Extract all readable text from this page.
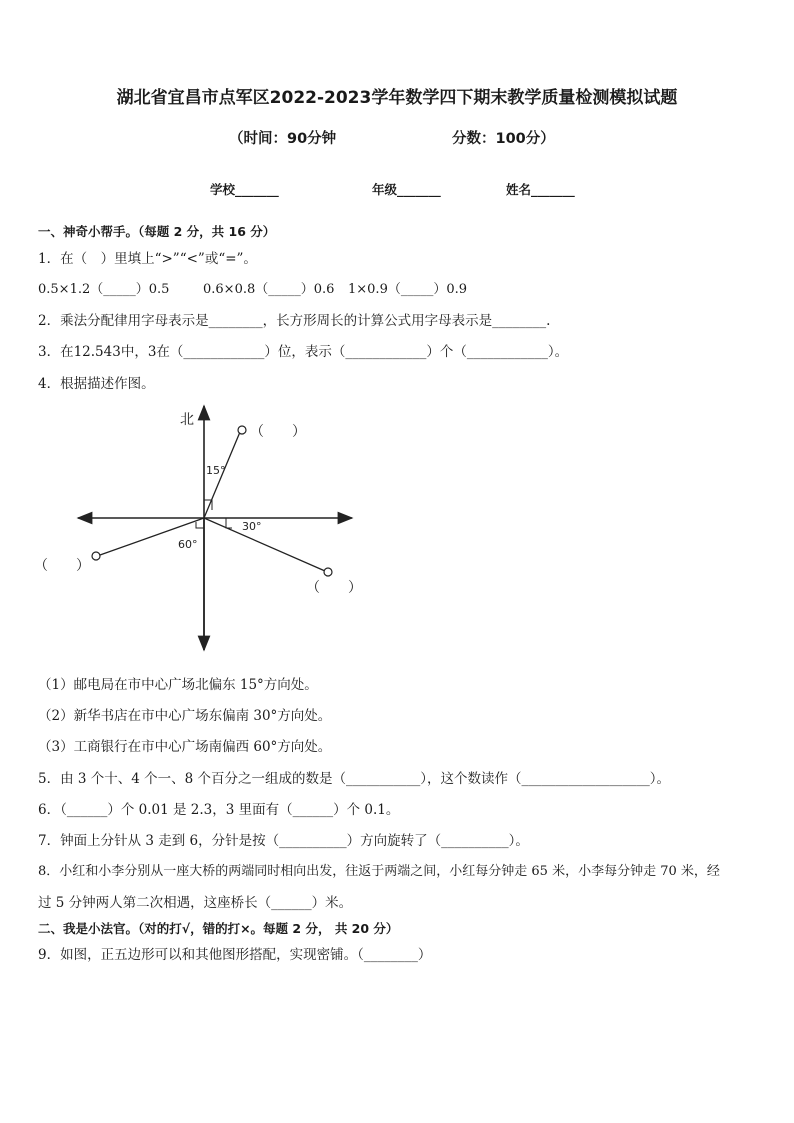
湖北省宜昌市点军区2022-2023学年数学四下期末教学质量检测模拟试题
（时间：90分钟	分数：100分）
学校_______	年级_______	姓名_______
一、神奇小帮手。（每题 2 分，共 16 分）
1．在（　）里填上“>”“<”或“=”。
0.5×1.2（_____）0.5	0.6×0.8（_____）0.6 1×0.9（_____）0.9
2．乘法分配律用字母表示是________，长方形周长的计算公式用字母表示是________.
3．在12.543中，3在（____________）位，表示（____________）个（____________）。
4．根据描述作图。
北
15°
30°
60°
（　　）
（　　）
（　　）
（1）邮电局在市中心广场北偏东 15°方向处。
（2）新华书店在市中心广场东偏南 30°方向处。
（3）工商银行在市中心广场南偏西 60°方向处。
5．由 3 个十、4 个一、8 个百分之一组成的数是（___________），这个数读作（___________________）。
6．（______）个 0.01 是 2.3，3 里面有（______）个 0.1。
7．钟面上分针从 3 走到 6，分针是按（__________）方向旋转了（__________）。
8．小红和小李分别从一座大桥的两端同时相向出发，往返于两端之间，小红每分钟走 65 米，小李每分钟走 70 米，经
过 5 分钟两人第二次相遇，这座桥长（______）米。
二、我是小法官。（对的打√，错的打×。每题 2 分， 共 20 分）
9．如图，正五边形可以和其他图形搭配，实现密铺。（________）
